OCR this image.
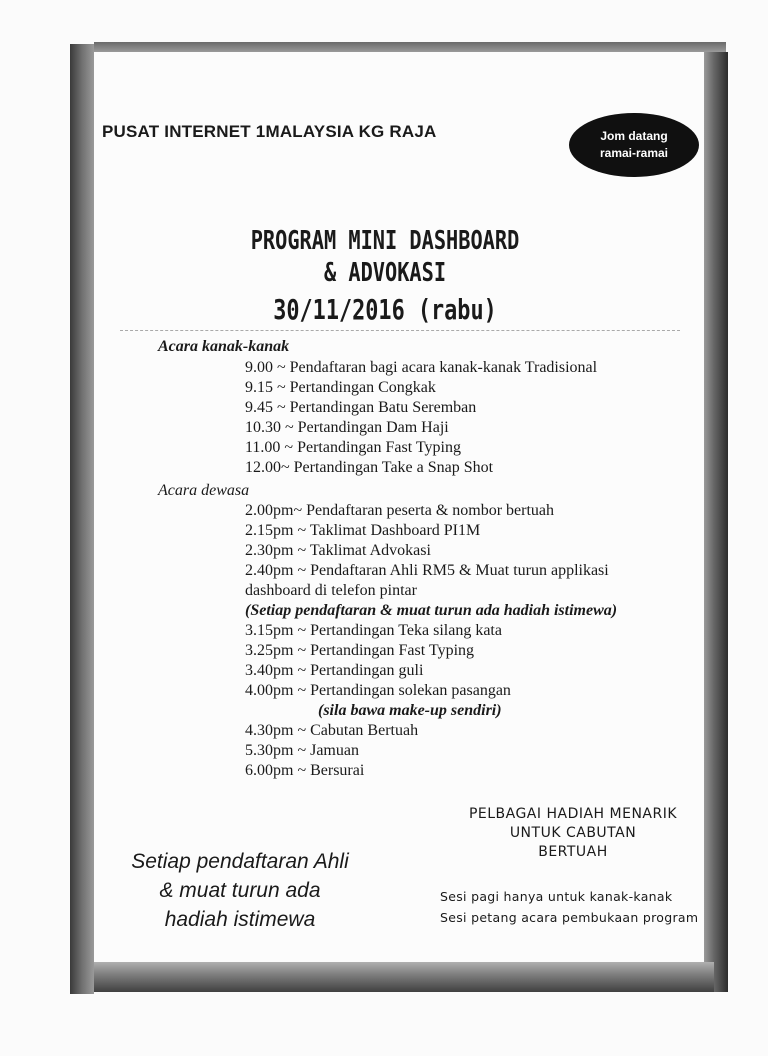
PUSAT INTERNET 1MALAYSIA KG RAJA	Jom datang
ramai-ramai
PROGRAM MINI DASHBOARD
& ADVOKASI
30/11/2016 (rabu)
Acara kanak-kanak
9.00 ~ Pendaftaran bagi acara kanak-kanak Tradisional
9.15 ~ Pertandingan Congkak
9.45 ~ Pertandingan Batu Seremban
10.30 ~ Pertandingan Dam Haji
11.00 ~ Pertandingan Fast Typing
12.00~ Pertandingan Take a Snap Shot
Acara dewasa
2.00pm~ Pendaftaran peserta & nombor bertuah
2.15pm ~ Taklimat Dashboard PI1M
2.30pm ~ Taklimat Advokasi
2.40pm ~ Pendaftaran Ahli RM5 & Muat turun applikasi
dashboard di telefon pintar
(Setiap pendaftaran & muat turun ada hadiah istimewa)
3.15pm ~ Pertandingan Teka silang kata
3.25pm ~ Pertandingan Fast Typing
3.40pm ~ Pertandingan guli
4.00pm ~ Pertandingan solekan pasangan
(sila bawa make-up sendiri)
4.30pm ~ Cabutan Bertuah
5.30pm ~ Jamuan
6.00pm ~ Bersurai
Setiap pendaftaran Ahli
& muat turun ada
hadiah istimewa
PELBAGAI HADIAH MENARIK
UNTUK CABUTAN
BERTUAH
Sesi pagi hanya untuk kanak-kanak
Sesi petang acara pembukaan program
